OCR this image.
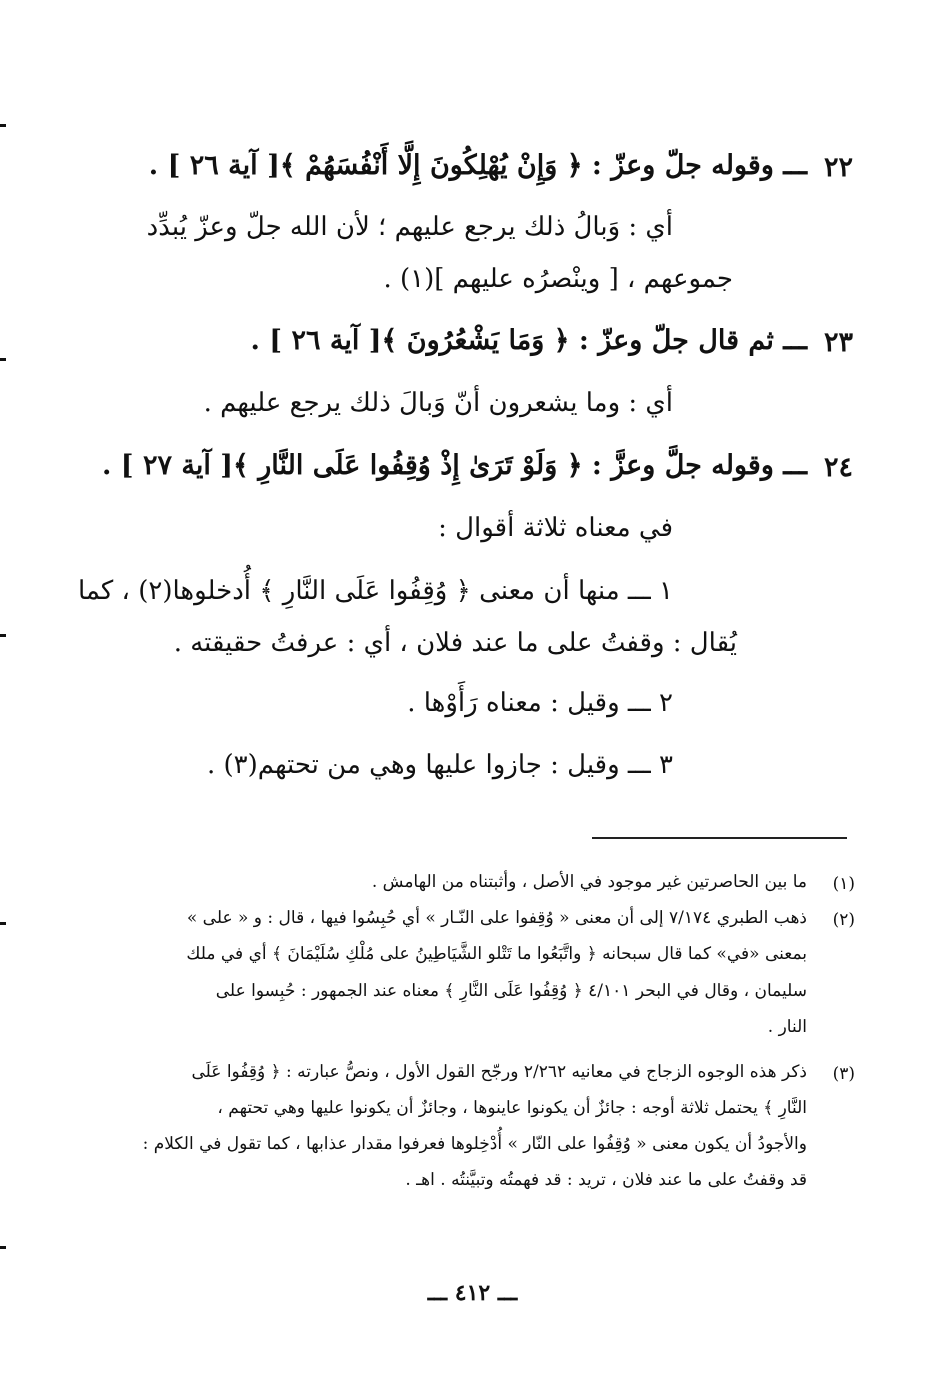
٢٢
ـــ وقوله جلّ وعزّ : ﴿ وَإِنْ يُهْلِكُونَ إِلَّا أَنْفُسَهُمْ ﴾[ آية ٢٦ ] .
أي : وَبالُ ذلك يرجع عليهم ؛ لأن الله جلّ وعزّ يُبدِّد
جموعهم ، [ وينْصرُه عليهم ](١) .
٢٣
ـــ ثم قال جلّ وعزّ : ﴿ وَمَا يَشْعُرُونَ ﴾[ آية ٢٦ ] .
أي : وما يشعرون أنّ وَبالَ ذلك يرجع عليهم .
٢٤
ـــ وقوله جلَّ وعزَّ : ﴿ وَلَوْ تَرَىٰ إِذْ وُقِفُوا عَلَى النَّارِ ﴾[ آية ٢٧ ] .
في معناه ثلاثة أقوال :
١ ـــ منها أن معنى ﴿ وُقِفُوا عَلَى النَّارِ ﴾ أُدخلوها(٢) ، كما
يُقال : وقفتُ على ما عند فلان ، أي : عرفتُ حقيقته .
٢ ـــ وقيل : معناه رَأَوْها .
٣ ـــ وقيل : جازوا عليها وهي من تحتهم(٣) .
(١)
ما بين الحاصرتين غير موجود في الأصل ، وأثبتناه من الهامش .
(٢)
ذهب الطبري ٧/١٧٤ إلى أن معنى « وُقِفوا على النّـار » أي حُبِسُوا فيها ، قال : و « على »
بمعنى «في» كما قال سبحانه ﴿ واتَّبَعُوا ما تَتْلو الشَّيَاطِينُ على مُلْكِ سُلَيْمَانَ ﴾ أي في ملك
سليمان ، وقال في البحر ٤/١٠١ ﴿ وُقِفُوا عَلَى النَّارِ ﴾ معناه عند الجمهور : حُبِسوا على
النار .
(٣)
ذكر هذه الوجوه الزجاج في معانيه ٢/٢٦٢ ورجّح القول الأول ، ونصُّ عبارته : ﴿ وُقِفُوا عَلَى
النَّارِ ﴾ يحتمل ثلاثة أوجه : جائزٌ أن يكونوا عاينوها ، وجائزٌ أن يكونوا عليها وهي تحتهم ،
والأجودُ أن يكون معنى « وُقِفُوا على النّار » أُدْخِلوها فعرفوا مقدار عذابها ، كما تقول في الكلام :
قد وقفتُ على ما عند فلان ، تريد : قد فهمتُه وتبيَّنتُه . اهـ .
ـــ ٤١٢ ـــ
